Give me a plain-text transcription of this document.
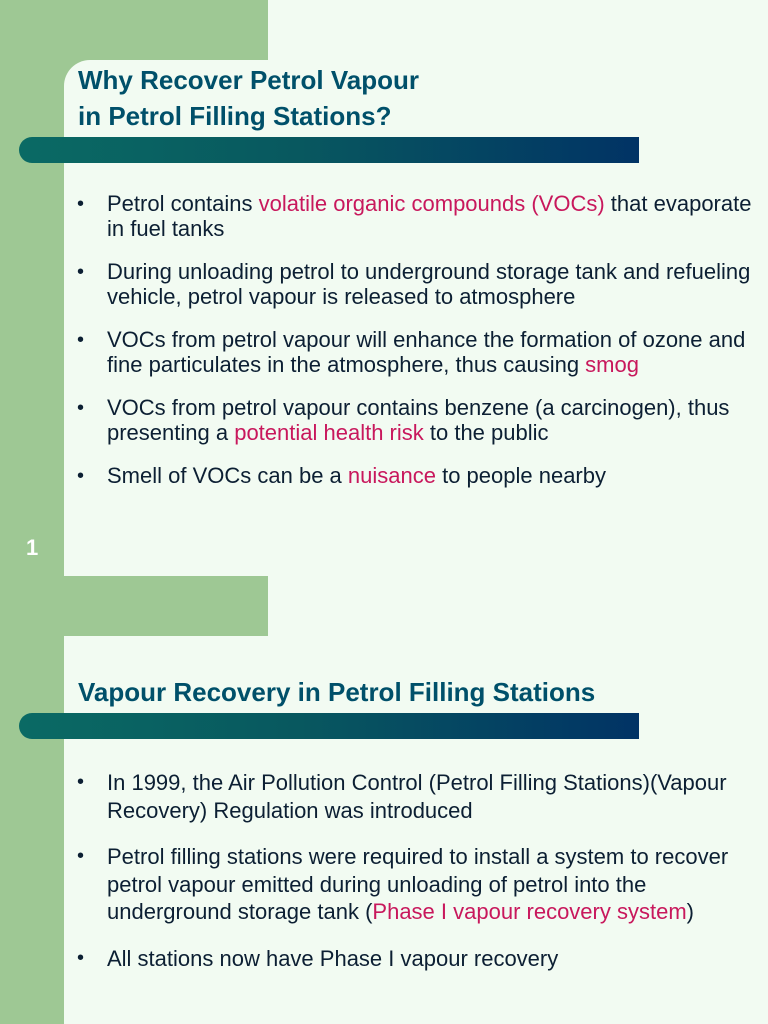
Why Recover Petrol Vapour
in Petrol Filling Stations?
1
• Petrol contains volatile organic compounds (VOCs) that evaporate in fuel tanks
• During unloading petrol to underground storage tank and refueling vehicle, petrol vapour is released to atmosphere
• VOCs from petrol vapour will enhance the formation of ozone and fine particulates in the atmosphere, thus causing smog
• VOCs from petrol vapour contains benzene (a carcinogen), thus presenting a potential health risk to the public
• Smell of VOCs can be a nuisance to people nearby
Vapour Recovery in Petrol Filling Stations
• In 1999, the Air Pollution Control (Petrol Filling Stations)(Vapour Recovery) Regulation was introduced
• Petrol filling stations were required to install a system to recover petrol vapour emitted during unloading of petrol into the underground storage tank (Phase I vapour recovery system)
• All stations now have Phase I vapour recovery
